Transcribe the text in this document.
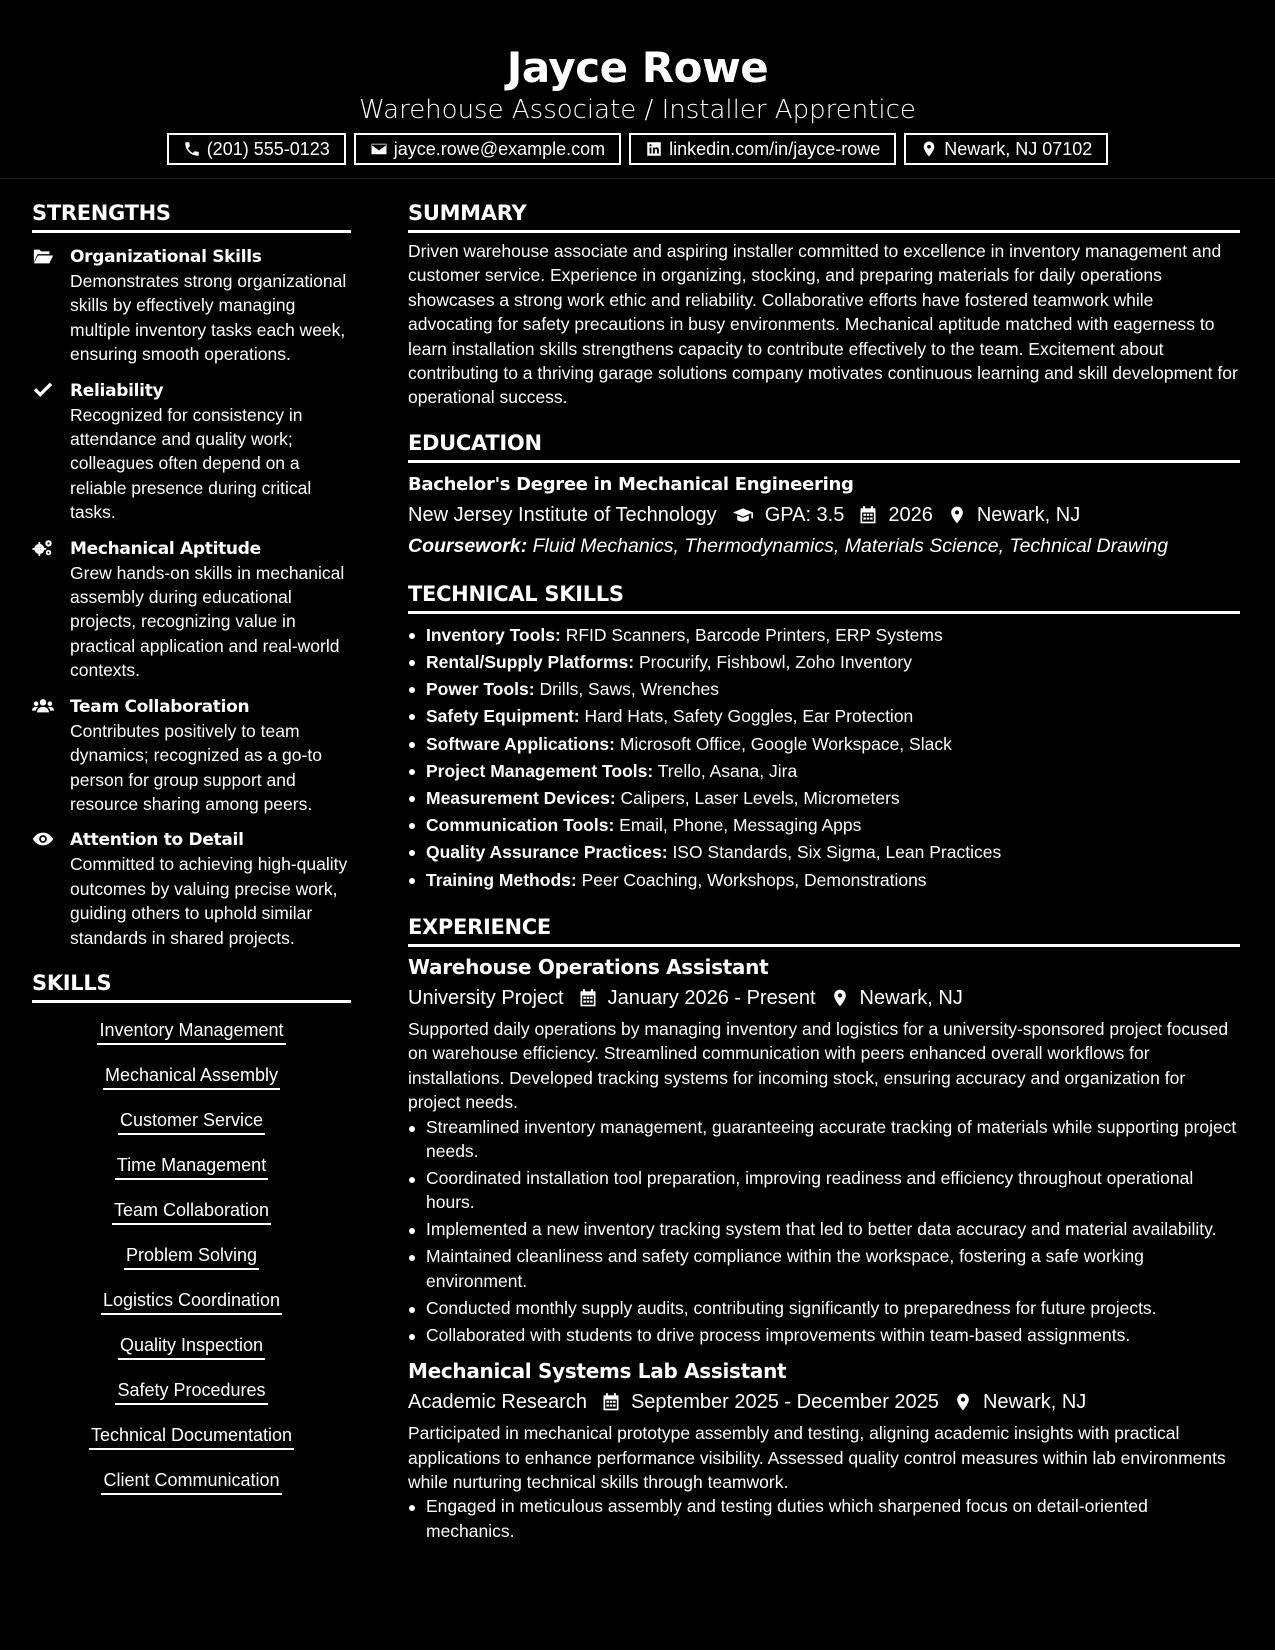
Jayce Rowe
Warehouse Associate / Installer Apprentice
(201) 555-0123	jayce.rowe@example.com	linkedin.com/in/jayce-rowe	Newark, NJ 07102
STRENGTHS
Organizational Skills
Demonstrates strong organizational skills by effectively managing multiple inventory tasks each week, ensuring smooth operations.
Reliability
Recognized for consistency in attendance and quality work; colleagues often depend on a reliable presence during critical tasks.
Mechanical Aptitude
Grew hands-on skills in mechanical assembly during educational projects, recognizing value in practical application and real-world contexts.
Team Collaboration
Contributes positively to team dynamics; recognized as a go-to person for group support and resource sharing among peers.
Attention to Detail
Committed to achieving high-quality outcomes by valuing precise work, guiding others to uphold similar standards in shared projects.
SKILLS
Inventory Management
Mechanical Assembly
Customer Service
Time Management
Team Collaboration
Problem Solving
Logistics Coordination
Quality Inspection
Safety Procedures
Technical Documentation
Client Communication
SUMMARY
Driven warehouse associate and aspiring installer committed to excellence in inventory management and customer service. Experience in organizing, stocking, and preparing materials for daily operations showcases a strong work ethic and reliability. Collaborative efforts have fostered teamwork while advocating for safety precautions in busy environments. Mechanical aptitude matched with eagerness to learn installation skills strengthens capacity to contribute effectively to the team. Excitement about contributing to a thriving garage solutions company motivates continuous learning and skill development for operational success.
EDUCATION
Bachelor's Degree in Mechanical Engineering
New Jersey Institute of Technology GPA: 3.5 2026 Newark, NJ
Coursework: Fluid Mechanics, Thermodynamics, Materials Science, Technical Drawing
TECHNICAL SKILLS
Inventory Tools: RFID Scanners, Barcode Printers, ERP Systems
Rental/Supply Platforms: Procurify, Fishbowl, Zoho Inventory
Power Tools: Drills, Saws, Wrenches
Safety Equipment: Hard Hats, Safety Goggles, Ear Protection
Software Applications: Microsoft Office, Google Workspace, Slack
Project Management Tools: Trello, Asana, Jira
Measurement Devices: Calipers, Laser Levels, Micrometers
Communication Tools: Email, Phone, Messaging Apps
Quality Assurance Practices: ISO Standards, Six Sigma, Lean Practices
Training Methods: Peer Coaching, Workshops, Demonstrations
EXPERIENCE
Warehouse Operations Assistant
University Project January 2026 - Present Newark, NJ
Supported daily operations by managing inventory and logistics for a university-sponsored project focused on warehouse efficiency. Streamlined communication with peers enhanced overall workflows for installations. Developed tracking systems for incoming stock, ensuring accuracy and organization for project needs.
Streamlined inventory management, guaranteeing accurate tracking of materials while supporting project needs.
Coordinated installation tool preparation, improving readiness and efficiency throughout operational hours.
Implemented a new inventory tracking system that led to better data accuracy and material availability.
Maintained cleanliness and safety compliance within the workspace, fostering a safe working environment.
Conducted monthly supply audits, contributing significantly to preparedness for future projects.
Collaborated with students to drive process improvements within team-based assignments.
Mechanical Systems Lab Assistant
Academic Research September 2025 - December 2025 Newark, NJ
Participated in mechanical prototype assembly and testing, aligning academic insights with practical applications to enhance performance visibility. Assessed quality control measures within lab environments while nurturing technical skills through teamwork.
Engaged in meticulous assembly and testing duties which sharpened focus on detail-oriented mechanics.
